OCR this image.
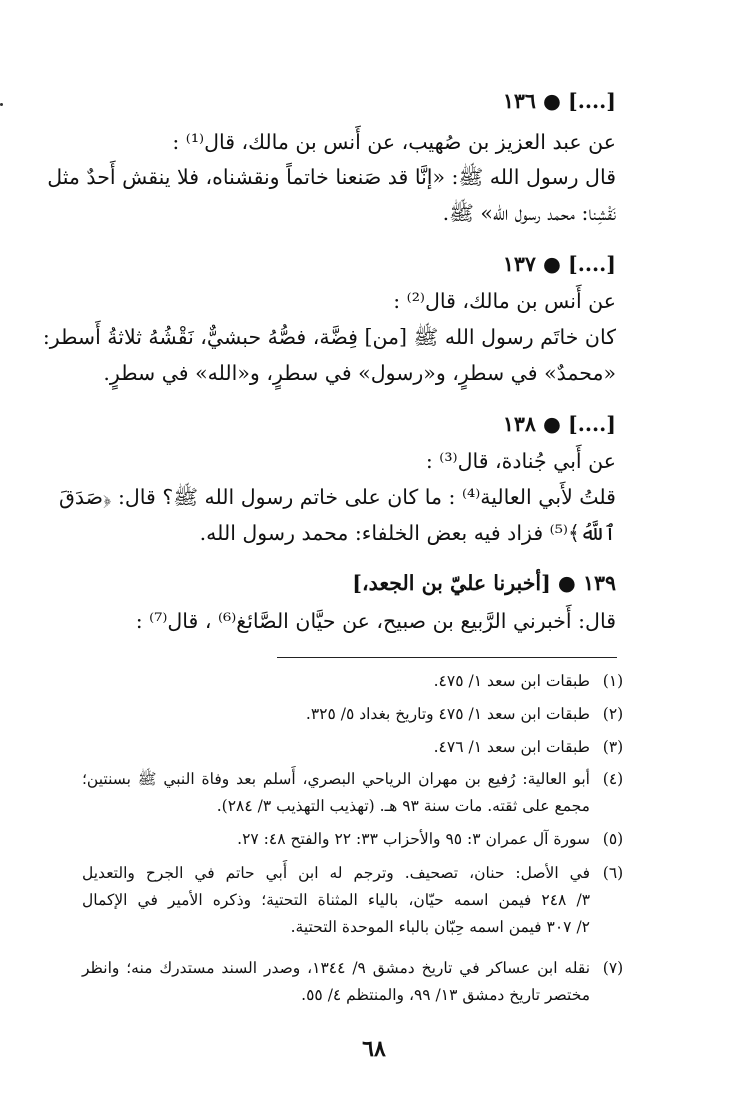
١٣٦ ● [....]
عن عبد العزيز بن صُهيب، عن أَنس بن مالك، قال⁽¹⁾ :
قال رسول الله ﷺ: «إنَّا قد صَنعنا خاتماً ونقشناه، فلا ينقش أَحدٌ مثل
نَقْشِنا: محمد رسول الله» ﷺ.
١٣٧ ● [....]
عن أَنس بن مالك، قال⁽²⁾ :
كان خاتَم رسول الله ﷺ [من] فِضَّة، فصُّهُ حبشيٌّ، نَقْشُهُ ثلاثةُ أَسطر:
«محمدٌ» في سطرٍ، و«رسول» في سطرٍ، و«الله» في سطرٍ.
١٣٨ ● [....]
عن أَبي جُنادة، قال⁽³⁾ :
قلتُ لأَبي العالية⁽⁴⁾ : ما كان على خاتم رسول الله ﷺ؟ قال: ﴿صَدَقَ
ٱللَّهُ﴾⁽⁵⁾ فزاد فيه بعض الخلفاء: محمد رسول الله.
١٣٩ ● [أخبرنا عليّ بن الجعد،]
قال: أَخبرني الرَّبيع بن صبيح، عن حيَّان الصَّائغ⁽⁶⁾ ، قال⁽⁷⁾ :
(١)
طبقات ابن سعد ١/ ٤٧٥.
(٢)
طبقات ابن سعد ١/ ٤٧٥ وتاريخ بغداد ٥/ ٣٢٥.
(٣)
طبقات ابن سعد ١/ ٤٧٦.
(٤)
أبو العالية: رُفيع بن مهران الرياحي البصري، أَسلم بعد وفاة النبي ﷺ بسنتين؛
مجمع على ثقته. مات سنة ٩٣ هـ. (تهذيب التهذيب ٣/ ٢٨٤).
(٥)
سورة آل عمران ٣: ٩٥ والأحزاب ٣٣: ٢٢ والفتح ٤٨: ٢٧.
(٦)
في الأصل: حنان، تصحيف. وترجم له ابن أَبي حاتم في الجرح والتعديل
٣/ ٢٤٨ فيمن اسمه حيّان، بالياء المثناة التحتية؛ وذكره الأمير في الإكمال
٢/ ٣٠٧ فيمن اسمه حِبّان بالباء الموحدة التحتية.
(٧)
نقله ابن عساكر في تاريخ دمشق ٩/ ١٣٤٤، وصدر السند مستدرك منه؛ وانظر
مختصر تاريخ دمشق ١٣/ ٩٩، والمنتظم ٤/ ٥٥.
٦٨
